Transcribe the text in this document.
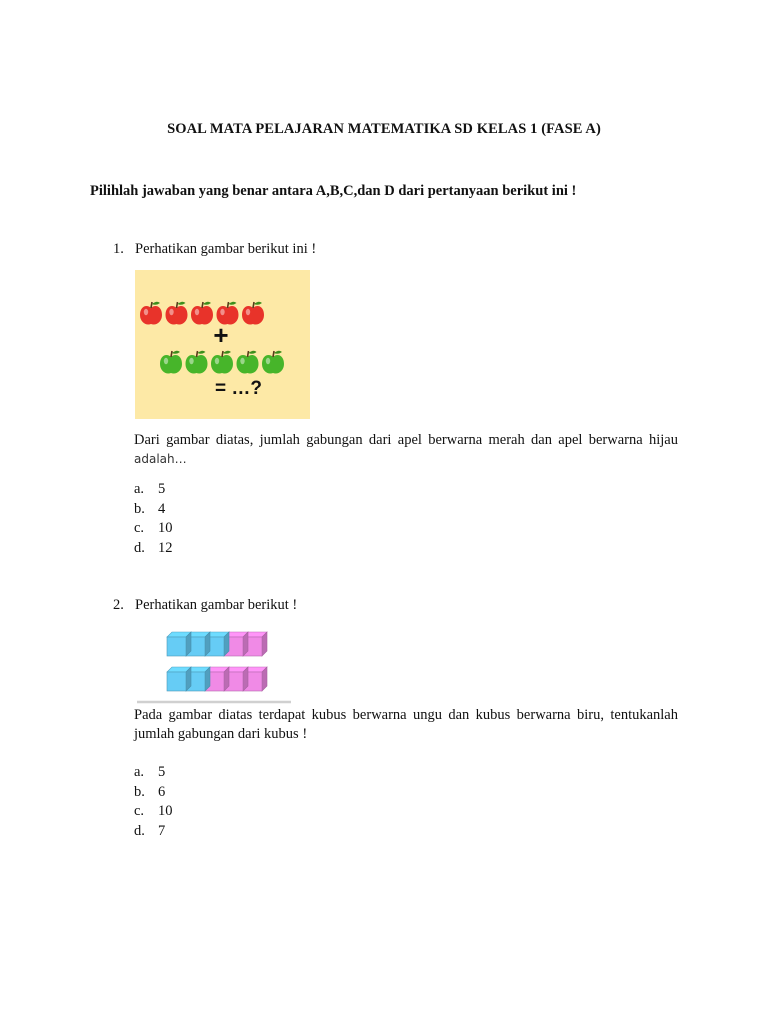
SOAL MATA PELAJARAN MATEMATIKA SD KELAS 1 (FASE A)
Pilihlah jawaban yang benar antara A,B,C,dan D dari pertanyaan berikut ini !
1. Perhatikan gambar berikut ini !
+
= …?
Dari gambar diatas, jumlah gabungan dari apel berwarna merah dan apel berwarna hijau adalah…
a. 5
b. 4
c. 10
d. 12
2. Perhatikan gambar berikut !
Pada gambar diatas terdapat kubus berwarna ungu dan kubus berwarna biru, tentukanlah jumlah gabungan dari kubus !
a. 5
b. 6
c. 10
d. 7
